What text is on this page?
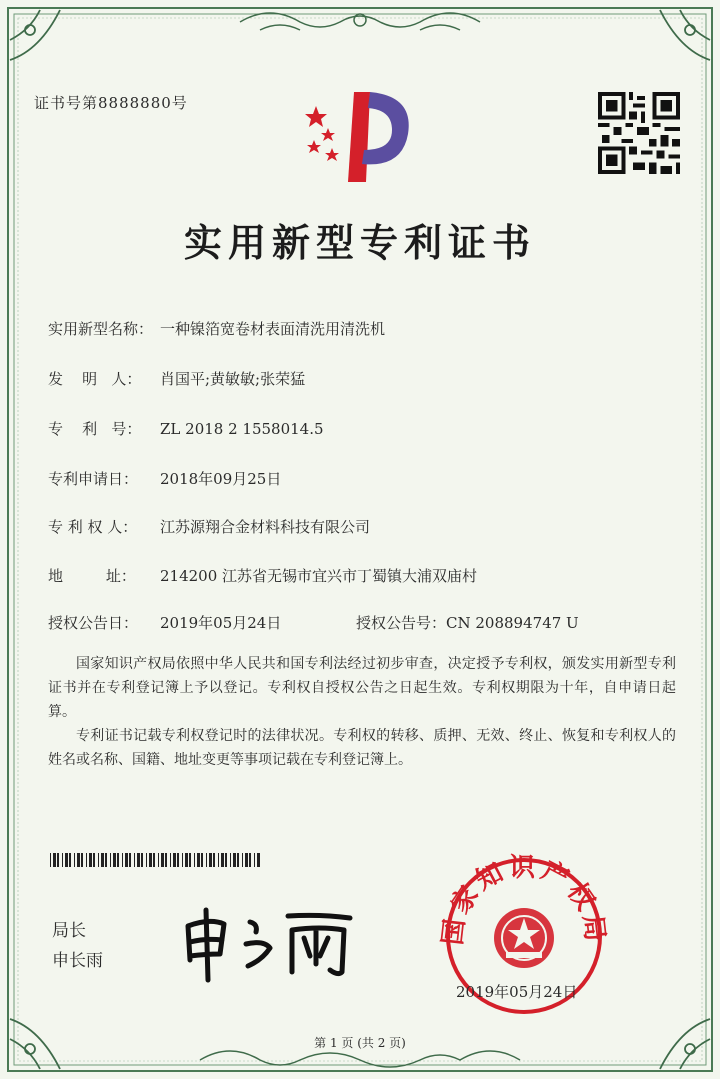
证书号第8888880号
实用新型专利证书
实用新型名称： 一种镍箔宽卷材表面清洗用清洗机
发    明   人： 肖国平;黄敏敏;张荣猛
专    利   号： ZL 2018 2 1558014.5
专利申请日： 2018年09月25日
专 利 权 人： 江苏源翔合金材料科技有限公司
地         址： 214200 江苏省无锡市宜兴市丁蜀镇大浦双庙村
授权公告日： 2019年05月24日	授权公告号：CN 208894747 U

国家知识产权局依照中华人民共和国专利法经过初步审查，决定授予专利权，颁发实用新型专利证书并在专利登记簿上予以登记。专利权自授权公告之日起生效。专利权期限为十年，自申请日起算。

专利证书记载专利权登记时的法律状况。专利权的转移、质押、无效、终止、恢复和专利权人的姓名或名称、国籍、地址变更等事项记载在专利登记簿上。

局长
申长雨
国家知识产权局
2019年05月24日
第 1 页 (共 2 页)
